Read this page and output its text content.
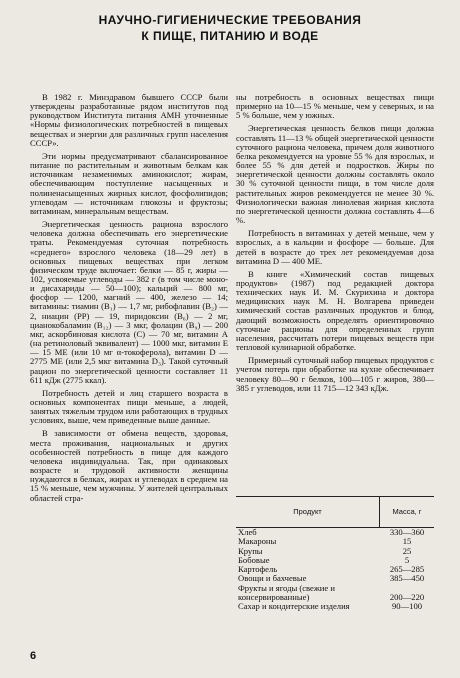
НАУЧНО-ГИГИЕНИЧЕСКИЕ ТРЕБОВАНИЯ
К ПИЩЕ, ПИТАНИЮ И ВОДЕ

В 1982 г. Минздравом бывшего СССР были утверждены разработанные рядом институтов под руководством Института питания АМН уточненные «Нормы физиологических потребностей в пищевых веществах и энергии для различных групп населения СССР».

Эти нормы предусматривают сбалансированное питание по растительным и животным белкам как источникам незаменимых аминокислот; жирам, обеспечивающим поступление насыщенных и полиненасыщенных жирных кислот, фосфолипидов; углеводам — источникам глюкозы и фруктозы; витаминам, минеральным веществам.

Энергетическая ценность рациона взрослого человека должна обеспечивать его энергетические траты. Рекомендуемая суточная потребность «среднего» взрослого человека (18—29 лет) в основных пищевых веществах при легком физическом труде включает: белки — 85 г, жиры — 102, усвояемые углеводы — 382 г (в том числе моно- и дисахариды — 50—100); кальций — 800 мг, фосфор — 1200, магний — 400, железо — 14; витамины: тиамин (B₁) — 1,7 мг, рибофлавин (B₂) — 2, ниацин (PP) — 19, пиридоксин (B₆) — 2 мг, цианокобаламин (B₁₂) — 3 мкг, фолацин (B₉) — 200 мкг, аскорбиновая кислота (C) — 70 мг, витамин A (на ретиноловый эквивалент) — 1000 мкг, витамин E — 15 МЕ (или 10 мг α-токоферола), витамин D — 2775 МЕ (или 2,5 мкг витамина D₃). Такой суточный рацион по энергетической ценности составляет 11 611 кДж (2775 ккал).

Потребность детей и лиц старшего возраста в основных компонентах пищи меньше, а людей, занятых тяжелым трудом или работающих в трудных условиях, выше, чем приведенные выше данные.

В зависимости от обмена веществ, здоровья, места проживания, национальных и других особенностей потребность в пище для каждого человека индивидуальна. Так, при одинаковых возрасте и трудовой активности женщины нуждаются в белках, жирах и углеводах в среднем на 15 % меньше, чем мужчины. У жителей центральных областей стра-

ны потребность в основных веществах пищи примерно на 10—15 % меньше, чем у северных, и на 5 % больше, чем у южных.

Энергетическая ценность белков пищи должна составлять 11—13 % общей энергетической ценности суточного рациона человека, причем доля животного белка рекомендуется на уровне 55 % для взрослых, и более 55 % для детей и подростков. Жиры по энергетической ценности должны составлять около 30 % суточной ценности пищи, в том числе доля растительных жиров рекомендуется не менее 30 %. Физиологически важная линолевая жирная кислота по энергетической ценности должна составлять 4—6 %.

Потребность в витаминах у детей меньше, чем у взрослых, а в кальции и фосфоре — больше. Для детей в возрасте до трех лет рекомендуемая доза витамина D — 400 МЕ.

В книге «Химический состав пищевых продуктов» (1987) под редакцией доктора технических наук И. М. Скурихина и доктора медицинских наук М. Н. Волгарева приведен химический состав различных продуктов и блюд, дающий возможность определять ориентировочно суточные рационы для определенных групп населения, рассчитать потери пищевых веществ при тепловой кулинарной обработке.

Примерный суточный набор пищевых продуктов с учетом потерь при обработке на кухне обеспечивает человеку 80—90 г белков, 100—105 г жиров, 380—385 г углеводов, или 11 715—12 343 кДж.

Продукт	Масса, г
Хлеб	330—360
Макароны	15
Крупы	25
Бобовые	5
Картофель	265—285
Овощи и бахчевые	385—450
Фрукты и ягоды (свежие и консервированные)	200—220
Сахар и кондитерские изделия	90—100
6
